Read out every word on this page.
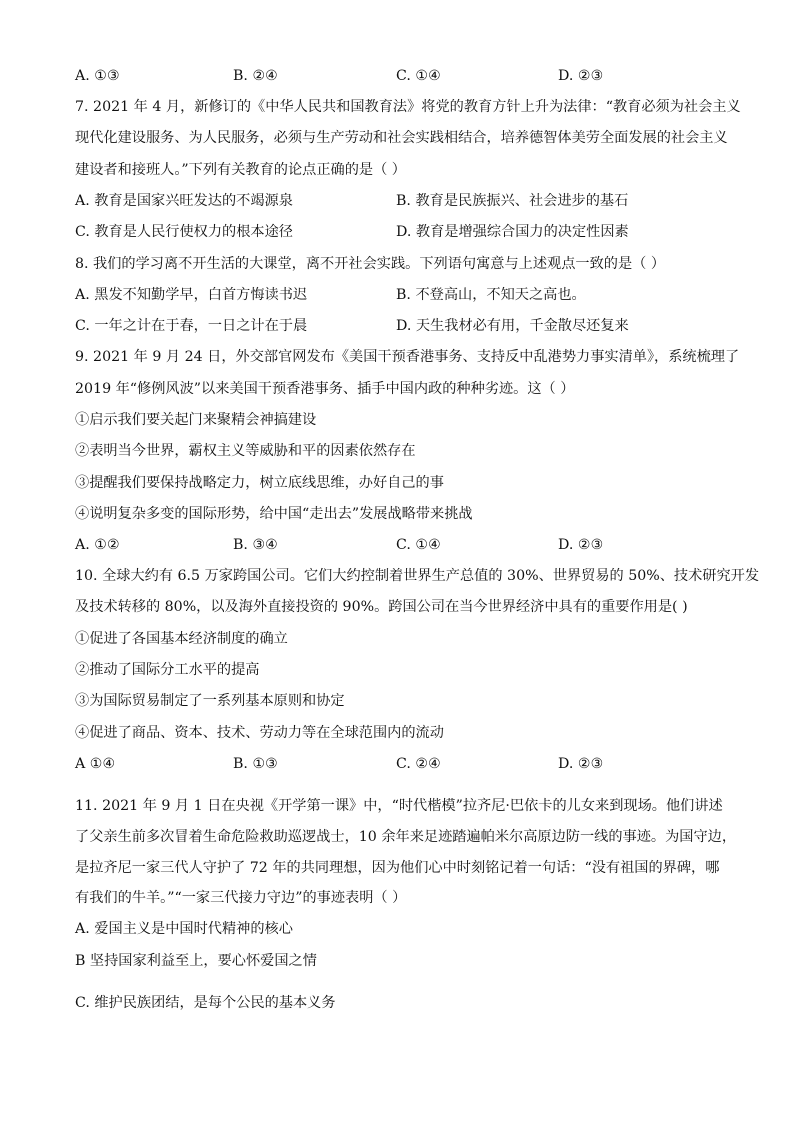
A. ①③	B. ②④	C. ①④	D. ②③
7. 2021 年 4 月，新修订的《中华人民共和国教育法》将党的教育方针上升为法律：“教育必须为社会主义
现代化建设服务、为人民服务，必须与生产劳动和社会实践相结合，培养德智体美劳全面发展的社会主义
建设者和接班人。”下列有关教育的论点正确的是（ ）
A. 教育是国家兴旺发达的不竭源泉	B. 教育是民族振兴、社会进步的基石
C. 教育是人民行使权力的根本途径	D. 教育是增强综合国力的决定性因素
8. 我们的学习离不开生活的大课堂，离不开社会实践。下列语句寓意与上述观点一致的是（ ）
A. 黑发不知勤学早，白首方悔读书迟	B. 不登高山，不知天之高也。
C. 一年之计在于春，一日之计在于晨	D. 天生我材必有用，千金散尽还复来
9. 2021 年 9 月 24 日，外交部官网发布《美国干预香港事务、支持反中乱港势力事实清单》，系统梳理了
2019 年“修例风波”以来美国干预香港事务、插手中国内政的种种劣迹。这（ ）
①启示我们要关起门来聚精会神搞建设
②表明当今世界，霸权主义等威胁和平的因素依然存在
③提醒我们要保持战略定力，树立底线思维，办好自己的事
④说明复杂多变的国际形势，给中国“走出去”发展战略带来挑战
A. ①②	B. ③④	C. ①④	D. ②③
10. 全球大约有 6.5 万家跨国公司。它们大约控制着世界生产总值的 30%、世界贸易的 50%、技术研究开发
及技术转移的 80%，以及海外直接投资的 90%。跨国公司在当今世界经济中具有的重要作用是( )
①促进了各国基本经济制度的确立
②推动了国际分工水平的提高
③为国际贸易制定了一系列基本原则和协定
④促进了商品、资本、技术、劳动力等在全球范围内的流动
A ①④	B. ①③	C. ②④	D. ②③
11. 2021 年 9 月 1 日在央视《开学第一课》中，“时代楷模”拉齐尼·巴依卡的儿女来到现场。他们讲述
了父亲生前多次冒着生命危险救助巡逻战士，10 余年来足迹踏遍帕米尔高原边防一线的事迹。为国守边，
是拉齐尼一家三代人守护了 72 年的共同理想，因为他们心中时刻铭记着一句话：“没有祖国的界碑，哪
有我们的牛羊。”“一家三代接力守边”的事迹表明（ ）
A. 爱国主义是中国时代精神的核心
B 坚持国家利益至上，要心怀爱国之情
C. 维护民族团结，是每个公民的基本义务
